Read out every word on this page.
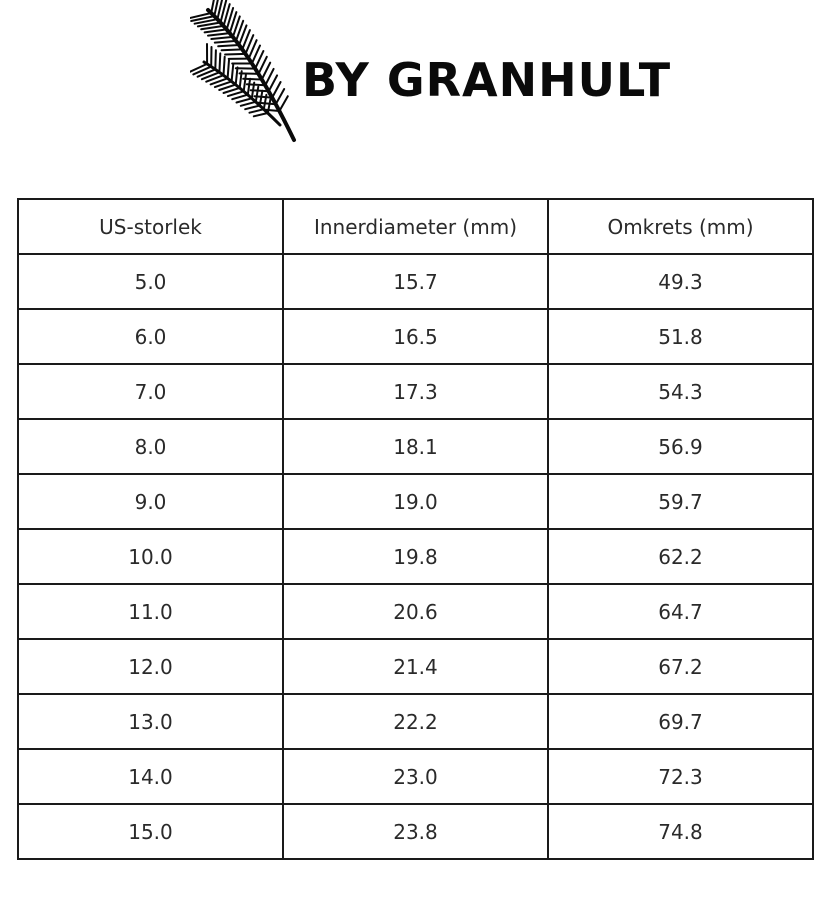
BY GRANHULT
US-storlek	Innerdiameter (mm)	Omkrets (mm)
5.0	15.7	49.3
6.0	16.5	51.8
7.0	17.3	54.3
8.0	18.1	56.9
9.0	19.0	59.7
10.0	19.8	62.2
11.0	20.6	64.7
12.0	21.4	67.2
13.0	22.2	69.7
14.0	23.0	72.3
15.0	23.8	74.8
